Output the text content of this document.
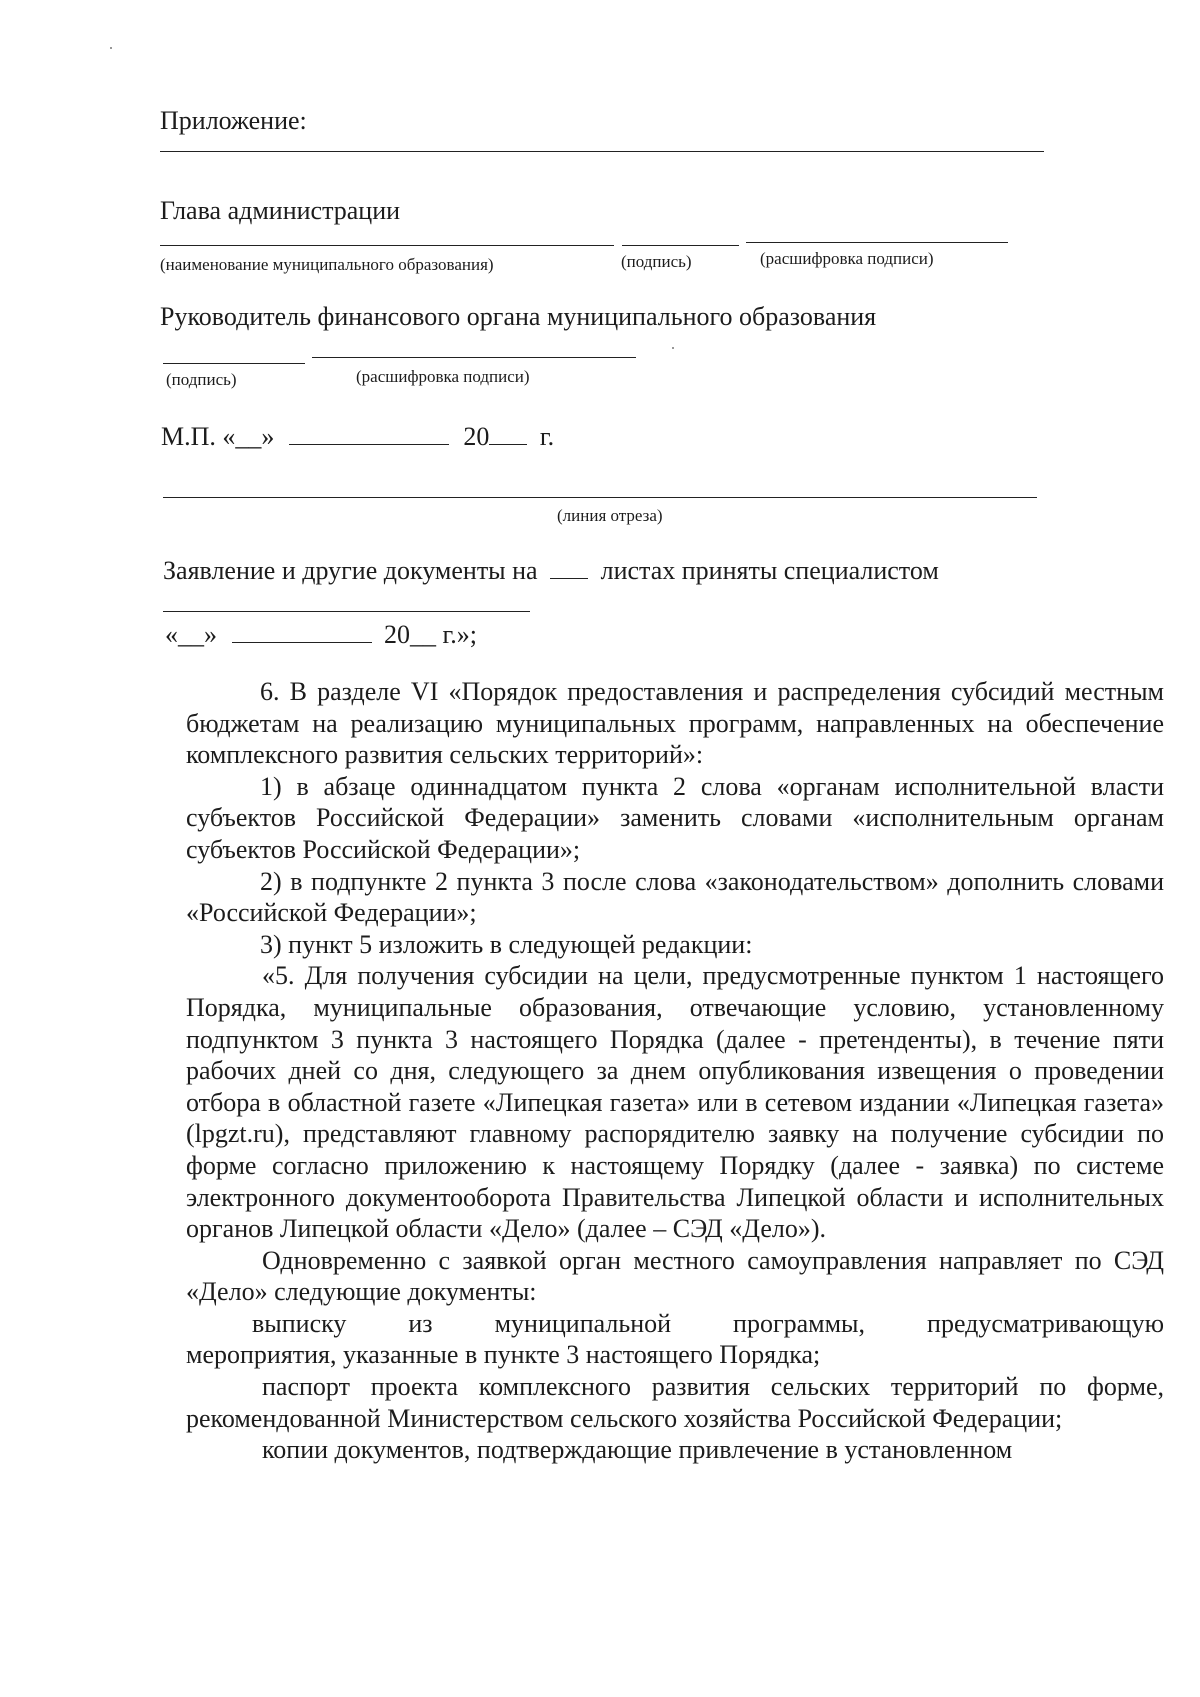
Приложение:
Глава администрации
(наименование муниципального образования)	(подпись)	(расшифровка подписи)
Руководитель финансового органа муниципального образования
(подпись)	(расшифровка подписи)
М.П. «__»	20 г.
(линия отреза)
Заявление и другие документы на листах приняты специалистом
«__»	20__ г.»;

6. В разделе VI «Порядок предоставления и распределения субсидий местным бюджетам на реализацию муниципальных программ, направленных на обеспечение комплексного развития сельских территорий»:

1) в абзаце одиннадцатом пункта 2 слова «органам исполнительной власти субъектов Российской Федерации» заменить словами «исполнительным органам субъектов Российской Федерации»;

2) в подпункте 2 пункта 3 после слова «законодательством» дополнить словами «Российской Федерации»;

3) пункт 5 изложить в следующей редакции:

«5. Для получения субсидии на цели, предусмотренные пунктом 1 настоящего Порядка, муниципальные образования, отвечающие условию, установленному подпунктом 3 пункта 3 настоящего Порядка (далее - претенденты), в течение пяти рабочих дней со дня, следующего за днем опубликования извещения о проведении отбора в областной газете «Липецкая газета» или в сетевом издании «Липецкая газета» (lpgzt.ru), представляют главному распорядителю заявку на получение субсидии по форме согласно приложению к настоящему Порядку (далее - заявка) по системе электронного документооборота Правительства Липецкой области и исполнительных органов Липецкой области «Дело» (далее – СЭД «Дело»).

Одновременно с заявкой орган местного самоуправления направляет по СЭД «Дело» следующие документы:

выписку из муниципальной программы, предусматривающую

мероприятия, указанные в пункте 3 настоящего Порядка;

паспорт проекта комплексного развития сельских территорий по форме, рекомендованной Министерством сельского хозяйства Российской Федерации;

копии документов, подтверждающие привлечение в установленном
